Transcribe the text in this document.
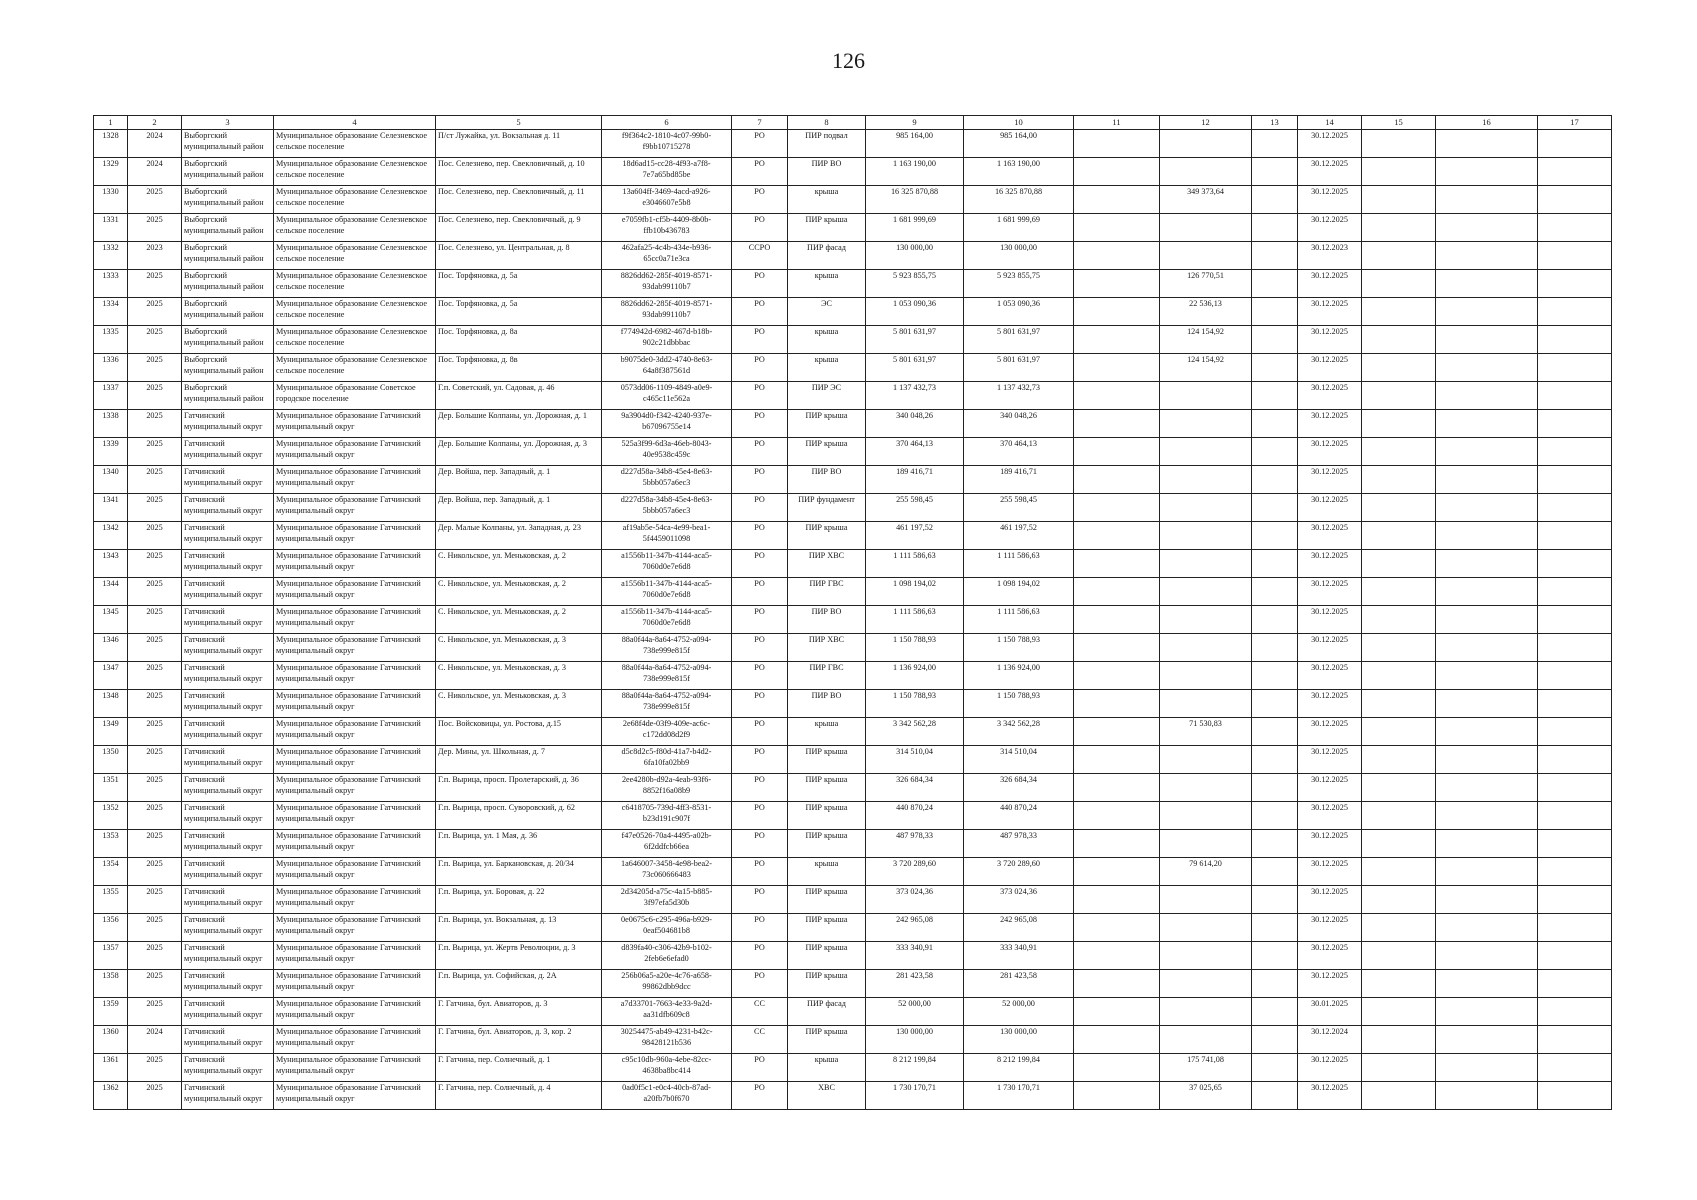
126
1	2	3	4	5	6	7	8	9	10	11	12	13	14	15	16	17
1328	2024	Выборгский муниципальный район	Муниципальное образование Селезневское сельское поселение	П/ст Лужайка, ул. Вокзальная д. 11	f9f364c2-1810-4c07-99b0-f9bb10715278	РО	ПИР подвал	985 164,00	985 164,00				30.12.2025			
1329	2024	Выборгский муниципальный район	Муниципальное образование Селезневское сельское поселение	Пос. Селезнево, пер. Свекловичный, д. 10	18d6ad15-cc28-4f93-a7f8-7e7a65bd85be	РО	ПИР ВО	1 163 190,00	1 163 190,00				30.12.2025			
1330	2025	Выборгский муниципальный район	Муниципальное образование Селезневское сельское поселение	Пос. Селезнево, пер. Свекловичный, д. 11	13a604ff-3469-4acd-a926-e3046607e5b8	РО	крыша	16 325 870,88	16 325 870,88		349 373,64		30.12.2025			
1331	2025	Выборгский муниципальный район	Муниципальное образование Селезневское сельское поселение	Пос. Селезнево, пер. Свекловичный, д. 9	e7059fb1-cf5b-4409-8b0b-ffb10b436783	РО	ПИР крыша	1 681 999,69	1 681 999,69				30.12.2025			
1332	2023	Выборгский муниципальный район	Муниципальное образование Селезневское сельское поселение	Пос. Селезнево, ул. Центральная, д. 8	462afa25-4c4b-434e-b936-65cc0a71e3ca	ССРО	ПИР фасад	130 000,00	130 000,00				30.12.2023			
1333	2025	Выборгский муниципальный район	Муниципальное образование Селезневское сельское поселение	Пос. Торфяновка, д. 5а	8826dd62-285f-4019-8571-93dab99110b7	РО	крыша	5 923 855,75	5 923 855,75		126 770,51		30.12.2025			
1334	2025	Выборгский муниципальный район	Муниципальное образование Селезневское сельское поселение	Пос. Торфяновка, д. 5а	8826dd62-285f-4019-8571-93dab99110b7	РО	ЭС	1 053 090,36	1 053 090,36		22 536,13		30.12.2025			
1335	2025	Выборгский муниципальный район	Муниципальное образование Селезневское сельское поселение	Пос. Торфяновка, д. 8а	f774942d-6982-467d-b18b-902c21dbbbac	РО	крыша	5 801 631,97	5 801 631,97		124 154,92		30.12.2025			
1336	2025	Выборгский муниципальный район	Муниципальное образование Селезневское сельское поселение	Пос. Торфяновка, д. 8в	b9075de0-3dd2-4740-8e63-64a8f387561d	РО	крыша	5 801 631,97	5 801 631,97		124 154,92		30.12.2025			
1337	2025	Выборгский муниципальный район	Муниципальное образование Советское городское поселение	Г.п. Советский, ул. Садовая, д. 46	0573dd06-1109-4849-a0e9-c465c11e562a	РО	ПИР ЭС	1 137 432,73	1 137 432,73				30.12.2025			
1338	2025	Гатчинский муниципальный округ	Муниципальное образование Гатчинский муниципальный округ	Дер. Большие Колпаны, ул. Дорожная, д. 1	9a3904d0-f342-4240-937e-b67096755e14	РО	ПИР крыша	340 048,26	340 048,26				30.12.2025			
1339	2025	Гатчинский муниципальный округ	Муниципальное образование Гатчинский муниципальный округ	Дер. Большие Колпаны, ул. Дорожная, д. 3	525a3f99-6d3a-46eb-8043-40e9538c459c	РО	ПИР крыша	370 464,13	370 464,13				30.12.2025			
1340	2025	Гатчинский муниципальный округ	Муниципальное образование Гатчинский муниципальный округ	Дер. Войша, пер. Западный, д. 1	d227d58a-34b8-45e4-8e63-5bbb057a6ec3	РО	ПИР ВО	189 416,71	189 416,71				30.12.2025			
1341	2025	Гатчинский муниципальный округ	Муниципальное образование Гатчинский муниципальный округ	Дер. Войша, пер. Западный, д. 1	d227d58a-34b8-45e4-8e63-5bbb057a6ec3	РО	ПИР фундамент	255 598,45	255 598,45				30.12.2025			
1342	2025	Гатчинский муниципальный округ	Муниципальное образование Гатчинский муниципальный округ	Дер. Малые Колпаны, ул. Западная, д. 23	af19ab5e-54ca-4e99-bea1-5f4459011098	РО	ПИР крыша	461 197,52	461 197,52				30.12.2025			
1343	2025	Гатчинский муниципальный округ	Муниципальное образование Гатчинский муниципальный округ	С. Никольское, ул. Меньковская, д. 2	a1556b11-347b-4144-aca5-7060d0e7e6d8	РО	ПИР ХВС	1 111 586,63	1 111 586,63				30.12.2025			
1344	2025	Гатчинский муниципальный округ	Муниципальное образование Гатчинский муниципальный округ	С. Никольское, ул. Меньковская, д. 2	a1556b11-347b-4144-aca5-7060d0e7e6d8	РО	ПИР ГВС	1 098 194,02	1 098 194,02				30.12.2025			
1345	2025	Гатчинский муниципальный округ	Муниципальное образование Гатчинский муниципальный округ	С. Никольское, ул. Меньковская, д. 2	a1556b11-347b-4144-aca5-7060d0e7e6d8	РО	ПИР ВО	1 111 586,63	1 111 586,63				30.12.2025			
1346	2025	Гатчинский муниципальный округ	Муниципальное образование Гатчинский муниципальный округ	С. Никольское, ул. Меньковская, д. 3	88a0f44a-8a64-4752-a094-738e999e815f	РО	ПИР ХВС	1 150 788,93	1 150 788,93				30.12.2025			
1347	2025	Гатчинский муниципальный округ	Муниципальное образование Гатчинский муниципальный округ	С. Никольское, ул. Меньковская, д. 3	88a0f44a-8a64-4752-a094-738e999e815f	РО	ПИР ГВС	1 136 924,00	1 136 924,00				30.12.2025			
1348	2025	Гатчинский муниципальный округ	Муниципальное образование Гатчинский муниципальный округ	С. Никольское, ул. Меньковская, д. 3	88a0f44a-8a64-4752-a094-738e999e815f	РО	ПИР ВО	1 150 788,93	1 150 788,93				30.12.2025			
1349	2025	Гатчинский муниципальный округ	Муниципальное образование Гатчинский муниципальный округ	Пос. Войсковицы, ул. Ростова, д.15	2e68f4de-03f9-409e-ac6c-c172dd08d2f9	РО	крыша	3 342 562,28	3 342 562,28		71 530,83		30.12.2025			
1350	2025	Гатчинский муниципальный округ	Муниципальное образование Гатчинский муниципальный округ	Дер. Мины, ул. Школьная, д. 7	d5c8d2c5-f80d-41a7-b4d2-6fa10fa02bb9	РО	ПИР крыша	314 510,04	314 510,04				30.12.2025			
1351	2025	Гатчинский муниципальный округ	Муниципальное образование Гатчинский муниципальный округ	Г.п. Вырица, просп. Пролетарский, д. 36	2ee4280b-d92a-4eab-93f6-8852f16a08b9	РО	ПИР крыша	326 684,34	326 684,34				30.12.2025			
1352	2025	Гатчинский муниципальный округ	Муниципальное образование Гатчинский муниципальный округ	Г.п. Вырица, просп. Суворовский, д. 62	c6418705-739d-4ff3-8531-b23d191c907f	РО	ПИР крыша	440 870,24	440 870,24				30.12.2025			
1353	2025	Гатчинский муниципальный округ	Муниципальное образование Гатчинский муниципальный округ	Г.п. Вырица, ул. 1 Мая, д. 36	f47e0526-70a4-4495-a02b-6f2ddfcb66ea	РО	ПИР крыша	487 978,33	487 978,33				30.12.2025			
1354	2025	Гатчинский муниципальный округ	Муниципальное образование Гатчинский муниципальный округ	Г.п. Вырица, ул. Баркановская, д. 20/34	1a646007-3458-4e98-bea2-73c060666483	РО	крыша	3 720 289,60	3 720 289,60		79 614,20		30.12.2025			
1355	2025	Гатчинский муниципальный округ	Муниципальное образование Гатчинский муниципальный округ	Г.п. Вырица, ул. Боровая, д. 22	2d34205d-a75c-4a15-b885-3f97efa5d30b	РО	ПИР крыша	373 024,36	373 024,36				30.12.2025			
1356	2025	Гатчинский муниципальный округ	Муниципальное образование Гатчинский муниципальный округ	Г.п. Вырица, ул. Вокзальная, д. 13	0e0675c6-c295-496a-b929-0eaf504681b8	РО	ПИР крыша	242 965,08	242 965,08				30.12.2025			
1357	2025	Гатчинский муниципальный округ	Муниципальное образование Гатчинский муниципальный округ	Г.п. Вырица, ул. Жертв Революции, д. 3	d839fa40-c306-42b9-b102-2feb6e6efad0	РО	ПИР крыша	333 340,91	333 340,91				30.12.2025			
1358	2025	Гатчинский муниципальный округ	Муниципальное образование Гатчинский муниципальный округ	Г.п. Вырица, ул. Софийская, д. 2А	256b06a5-a20e-4c76-a658-99862dbb9dcc	РО	ПИР крыша	281 423,58	281 423,58				30.12.2025			
1359	2025	Гатчинский муниципальный округ	Муниципальное образование Гатчинский муниципальный округ	Г. Гатчина, бул. Авиаторов, д. 3	a7d33701-7663-4e33-9a2d-aa31dfb609c8	СС	ПИР фасад	52 000,00	52 000,00				30.01.2025			
1360	2024	Гатчинский муниципальный округ	Муниципальное образование Гатчинский муниципальный округ	Г. Гатчина, бул. Авиаторов, д. 3, кор. 2	30254475-ab49-4231-b42c-98428121b536	СС	ПИР крыша	130 000,00	130 000,00				30.12.2024			
1361	2025	Гатчинский муниципальный округ	Муниципальное образование Гатчинский муниципальный округ	Г. Гатчина, пер. Солнечный, д. 1	c95c10db-960a-4ebe-82cc-4638ba8bc414	РО	крыша	8 212 199,84	8 212 199,84		175 741,08		30.12.2025			
1362	2025	Гатчинский муниципальный округ	Муниципальное образование Гатчинский муниципальный округ	Г. Гатчина, пер. Солнечный, д. 4	0ad0f5c1-e0c4-40cb-87ad-a20fb7b0f670	РО	ХВС	1 730 170,71	1 730 170,71		37 025,65		30.12.2025			
